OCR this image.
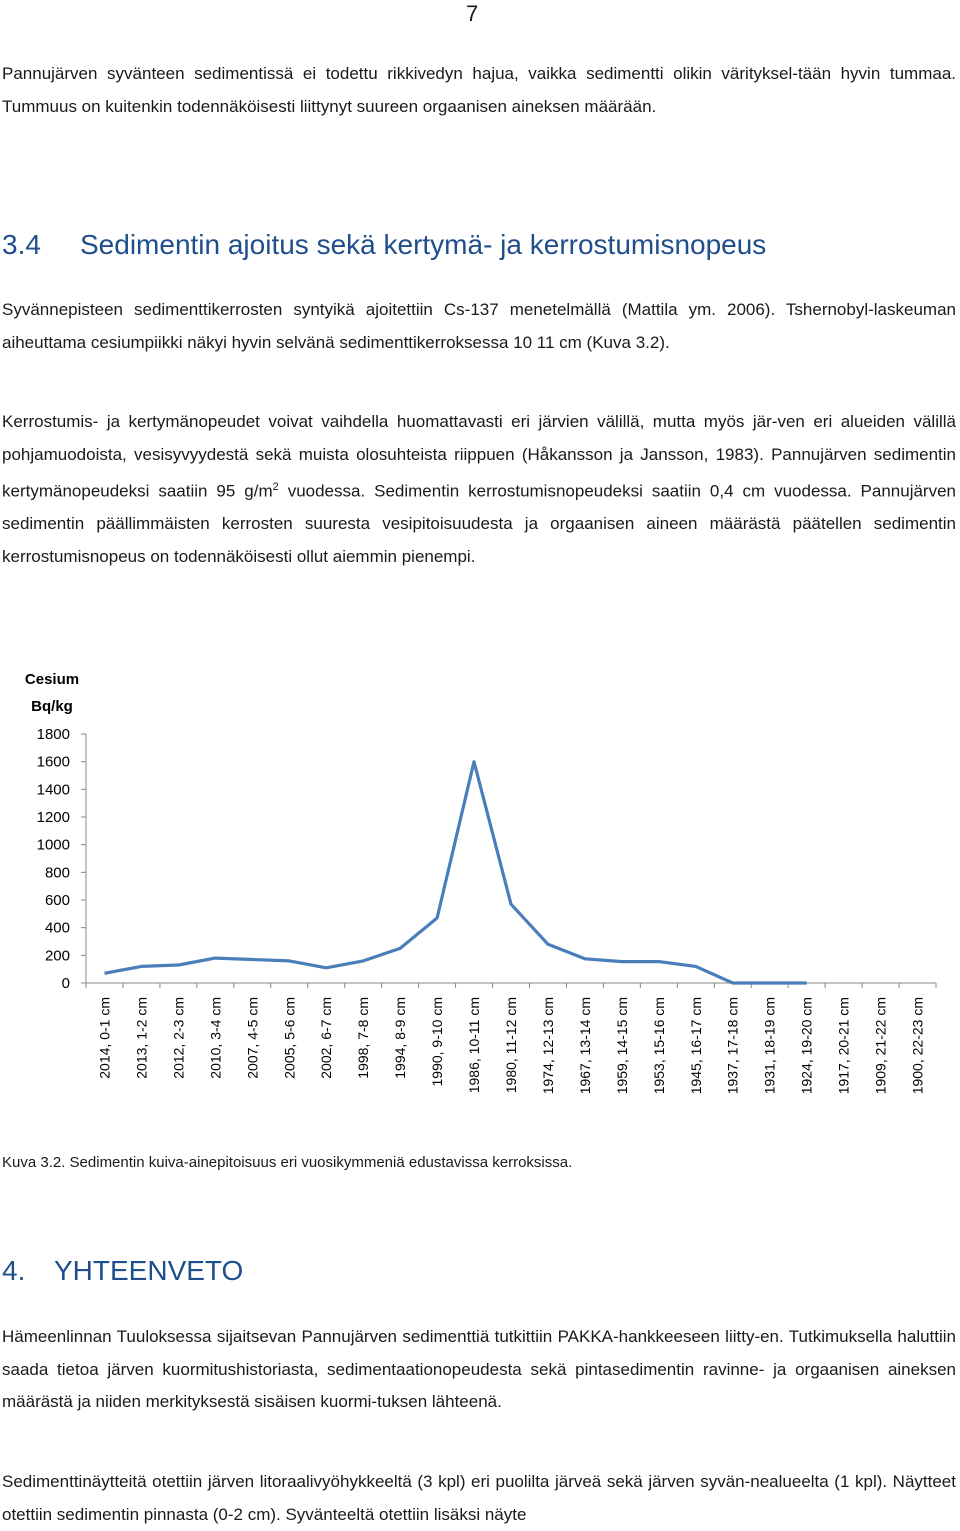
7

Pannujärven syvänteen sedimentissä ei todettu rikkivedyn hajua, vaikka sedimentti olikin värityksel-tään hyvin tummaa. Tummuus on kuitenkin todennäköisesti liittynyt suureen orgaanisen aineksen määrään.

3.4 Sedimentin ajoitus sekä kertymä- ja kerrostumisnopeus

Syvännepisteen sedimenttikerrosten syntyikä ajoitettiin Cs-137 menetelmällä (Mattila ym. 2006). Tshernobyl-laskeuman aiheuttama cesiumpiikki näkyi hyvin selvänä sedimenttikerroksessa 10 11 cm (Kuva 3.2).

Kerrostumis- ja kertymänopeudet voivat vaihdella huomattavasti eri järvien välillä, mutta myös jär-ven eri alueiden välillä pohjamuodoista, vesisyvyydestä sekä muista olosuhteista riippuen (Håkansson ja Jansson, 1983). Pannujärven sedimentin kertymänopeudeksi saatiin 95 $g/m^2$ vuodessa. Sedimentin kerrostumisnopeudeksi saatiin 0,4 cm vuodessa. Pannujärven sedimentin päällimmäisten kerrosten suuresta vesipitoisuudesta ja orgaanisen aineen määrästä päätellen sedimentin kerrostumisnopeus on todennäköisesti ollut aiemmin pienempi.

Cesium
Bq/kg
0
200
400
600
800
1000
1200
1400
1600
1800
2014, 0-1 cm 2013, 1-2 cm 2012, 2-3 cm 2010, 3-4 cm 2007, 4-5 cm 2005, 5-6 cm 2002, 6-7 cm 1998, 7-8 cm 1994, 8-9 cm 1990, 9-10 cm 1986, 10-11 cm 1980, 11-12 cm 1974, 12-13 cm 1967, 13-14 cm 1959, 14-15 cm 1953, 15-16 cm 1945, 16-17 cm 1937, 17-18 cm 1931, 18-19 cm 1924, 19-20 cm 1917, 20-21 cm 1909, 21-22 cm 1900, 22-23 cm

Kuva 3.2. Sedimentin kuiva-ainepitoisuus eri vuosikymmeniä edustavissa kerroksissa.

4. YHTEENVETO

Hämeenlinnan Tuuloksessa sijaitsevan Pannujärven sedimenttiä tutkittiin PAKKA-hankkeeseen liitty-en. Tutkimuksella haluttiin saada tietoa järven kuormitushistoriasta, sedimentaationopeudesta sekä pintasedimentin ravinne- ja orgaanisen aineksen määrästä ja niiden merkityksestä sisäisen kuormi-tuksen lähteenä.

Sedimenttinäytteitä otettiin järven litoraalivyöhykkeeltä (3 kpl) eri puolilta järveä sekä järven syvän-nealueelta (1 kpl). Näytteet otettiin sedimentin pinnasta (0-2 cm). Syvänteeltä otettiin lisäksi näyte
